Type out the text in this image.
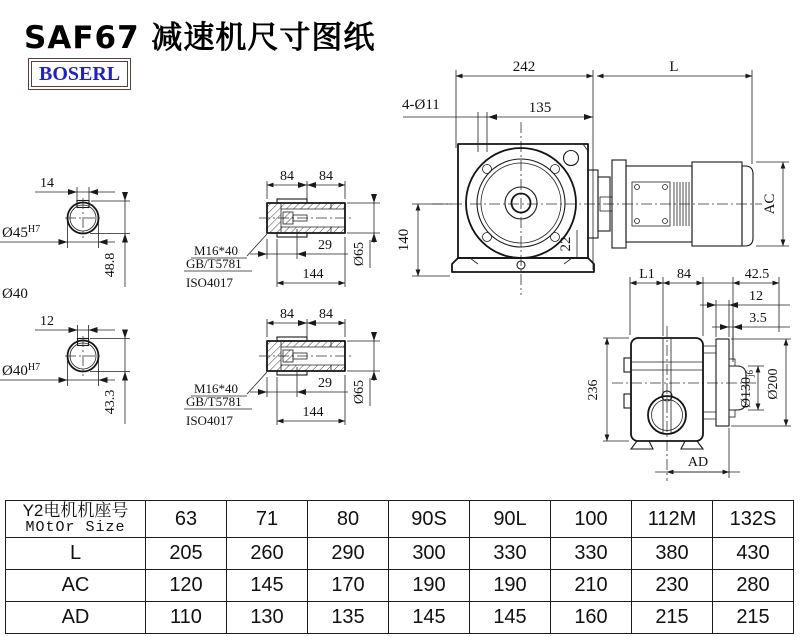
SAF67 减速机尺寸图纸
BOSERL	242	L
4-Ø11	135
140	22
AC
14
$Ø45^{H7}$
48.8
Ø40
12
$Ø40^{H7}$
43.3
L1 84	42.5
12
3.5
236	$Ø130_{j6}$ Ø200
AD
Y2电机机座号
MOtOr Size	63	71	80	90S	90L	100	112M	132S
L	205	260	290	300	330	330	380	430
AC	120	145	170	190	190	210	230	280
AD	110	130	135	145	145	160	215	215
